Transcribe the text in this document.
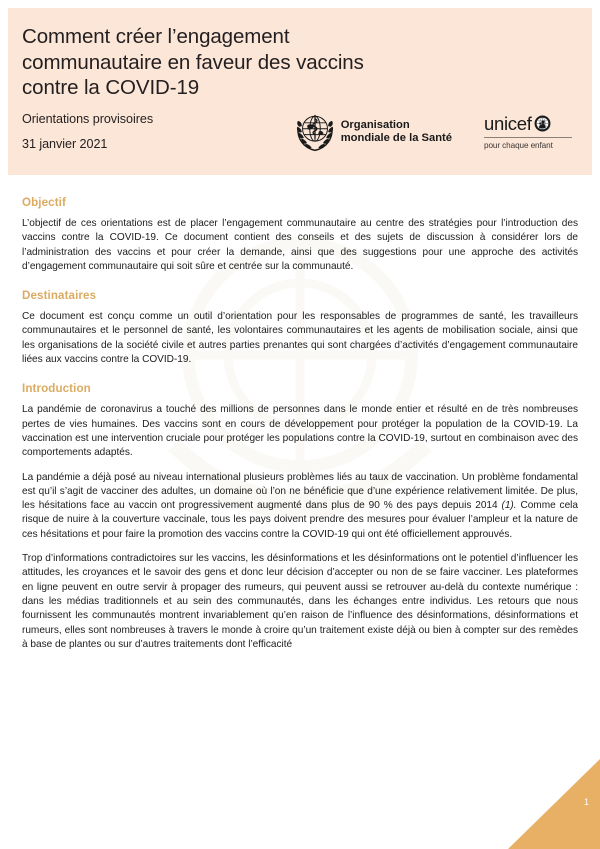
Comment créer l’engagement communautaire en faveur des vaccins contre la COVID-19

Orientations provisoires

31 janvier 2021

Organisation
mondiale de la Santé
unicef
pour chaque enfant
Objectif

L’objectif de ces orientations est de placer l’engagement communautaire au centre des stratégies pour l’introduction des vaccins contre la COVID-19. Ce document contient des conseils et des sujets de discussion à considérer lors de l’administration des vaccins et pour créer la demande, ainsi que des suggestions pour une approche des activités d’engagement communautaire qui soit sûre et centrée sur la communauté.

Destinataires

Ce document est conçu comme un outil d’orientation pour les responsables de programmes de santé, les travailleurs communautaires et le personnel de santé, les volontaires communautaires et les agents de mobilisation sociale, ainsi que les organisations de la société civile et autres parties prenantes qui sont chargées d’activités d’engagement communautaire liées aux vaccins contre la COVID-19.

Introduction

La pandémie de coronavirus a touché des millions de personnes dans le monde entier et résulté en de très nombreuses pertes de vies humaines. Des vaccins sont en cours de développement pour protéger la population de la COVID-19. La vaccination est une intervention cruciale pour protéger les populations contre la COVID-19, surtout en combinaison avec des comportements adaptés.

La pandémie a déjà posé au niveau international plusieurs problèmes liés au taux de vaccination. Un problème fondamental est qu’il s’agit de vacciner des adultes, un domaine où l’on ne bénéficie que d’une expérience relativement limitée. De plus, les hésitations face au vaccin ont progressivement augmenté dans plus de 90 % des pays depuis 2014 (1). Comme cela risque de nuire à la couverture vaccinale, tous les pays doivent prendre des mesures pour évaluer l’ampleur et la nature de ces hésitations et pour faire la promotion des vaccins contre la COVID-19 qui ont été officiellement approuvés.

Trop d’informations contradictoires sur les vaccins, les désinformations et les désinformations ont le potentiel d’influencer les attitudes, les croyances et le savoir des gens et donc leur décision d’accepter ou non de se faire vacciner. Les plateformes en ligne peuvent en outre servir à propager des rumeurs, qui peuvent aussi se retrouver au-delà du contexte numérique : dans les médias traditionnels et au sein des communautés, dans les échanges entre individus. Les retours que nous fournissent les communautés montrent invariablement qu’en raison de l’influence des désinformations, désinformations et rumeurs, elles sont nombreuses à travers le monde à croire qu’un traitement existe déjà ou bien à compter sur des remèdes à base de plantes ou sur d’autres traitements dont l’efficacité

1
